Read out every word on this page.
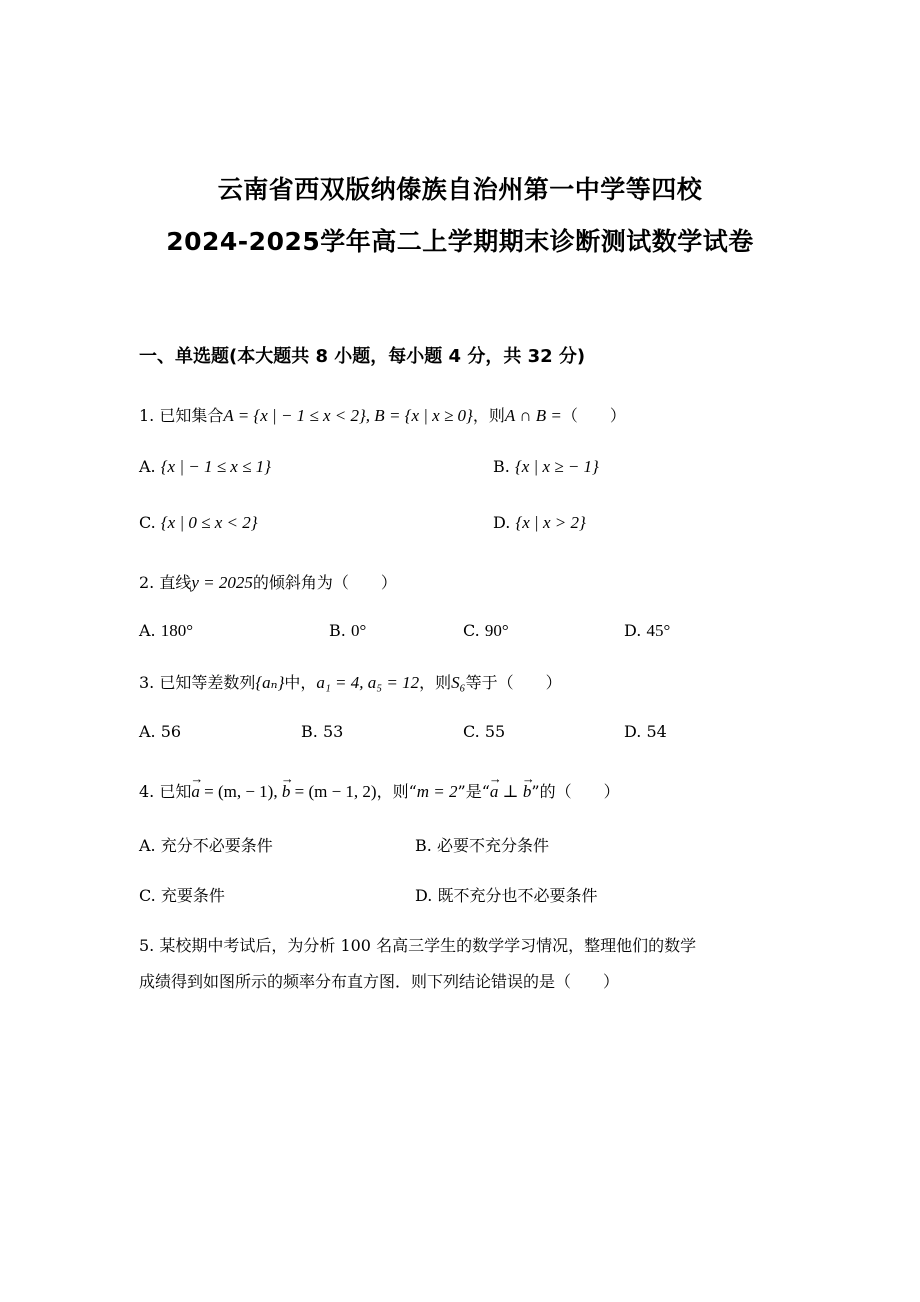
云南省西双版纳傣族自治州第一中学等四校
2024-2025学年高二上学期期末诊断测试数学试卷
一、单选题(本大题共 8 小题，每小题 4 分，共 32 分)
1. 已知集合A = {x | − 1 ≤ x < 2}, B = {x | x ≥ 0}，则A ∩ B =（　　）
A. {x | − 1 ≤ x ≤ 1}	B. {x | x ≥ − 1}
C. {x | 0 ≤ x < 2}	D. {x | x > 2}
2. 直线y = 2025的倾斜角为（　　）
A. 180°	B. 0°	C. 90°	D. 45°
3. 已知等差数列{aₙ}中，a₁ = 4, a₅ = 12，则S₆等于（　　）
A. 56	B. 53	C. 55	D. 54
4. 已知→ a = (m, − 1), → b = (m − 1, 2)，则“m = 2”是“→ a ⊥ → b”的（　　）
A. 充分不必要条件	B. 必要不充分条件
C. 充要条件	D. 既不充分也不必要条件
5. 某校期中考试后，为分析 100 名高三学生的数学学习情况，整理他们的数学
成绩得到如图所示的频率分布直方图．则下列结论错误的是（　　）
